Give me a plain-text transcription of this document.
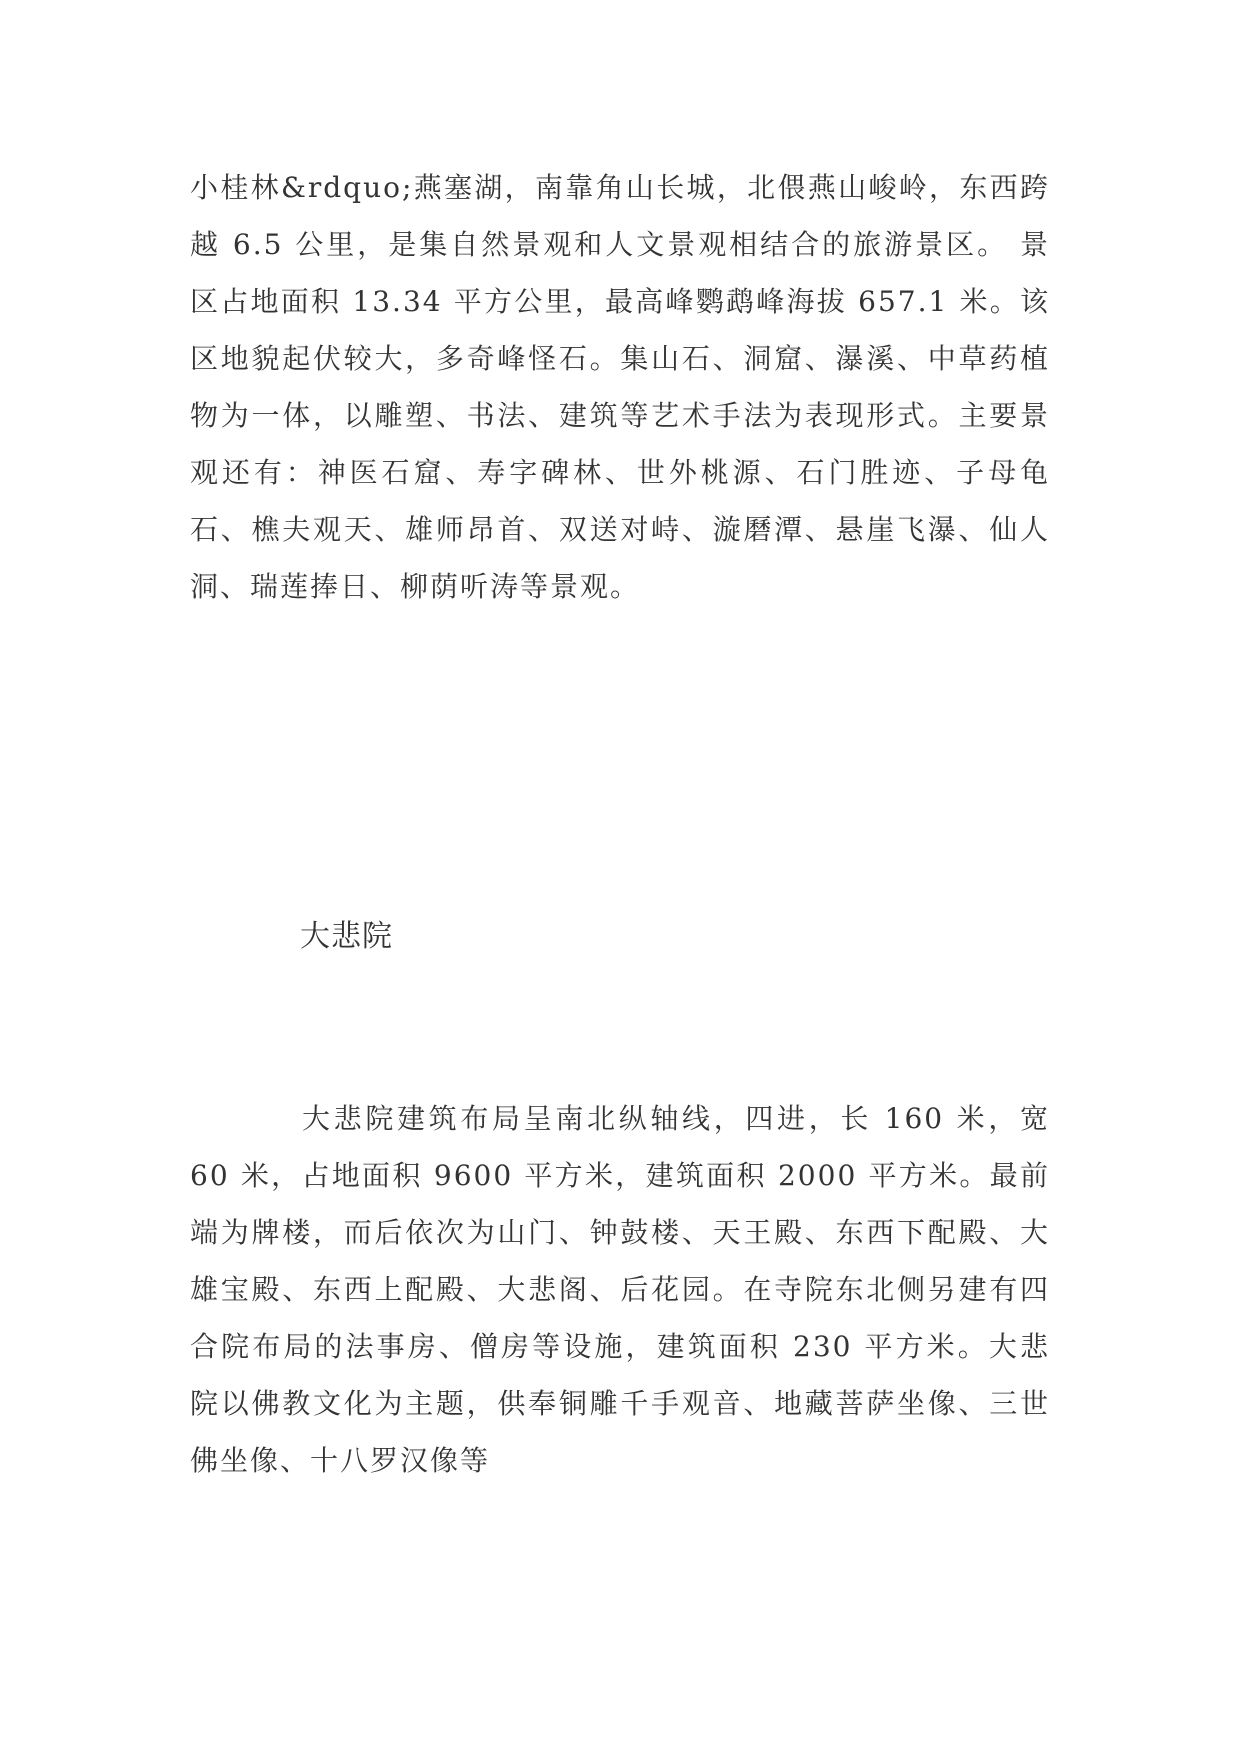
小桂林&rdquo;燕塞湖，南靠角山长城，北偎燕山峻岭，东西跨越 6.5 公里，是集自然景观和人文景观相结合的旅游景区。 景区占地面积 13.34 平方公里，最高峰鹦鹉峰海拔 657.1 米。该区地貌起伏较大，多奇峰怪石。集山石、洞窟、瀑溪、中草药植物为一体，以雕塑、书法、建筑等艺术手法为表现形式。主要景观还有：神医石窟、寿字碑林、世外桃源、石门胜迹、子母龟石、樵夫观天、雄师昂首、双送对峙、漩磿潭、悬崖飞瀑、仙人洞、瑞莲捧日、柳荫听涛等景观。

大悲院

大悲院建筑布局呈南北纵轴线，四进，长 160 米，宽 60 米，占地面积 9600 平方米，建筑面积 2000 平方米。最前端为牌楼，而后依次为山门、钟鼓楼、天王殿、东西下配殿、大雄宝殿、东西上配殿、大悲阁、后花园。在寺院东北侧另建有四合院布局的法事房、僧房等设施，建筑面积 230 平方米。大悲院以佛教文化为主题，供奉铜雕千手观音、地藏菩萨坐像、三世佛坐像、十八罗汉像等
